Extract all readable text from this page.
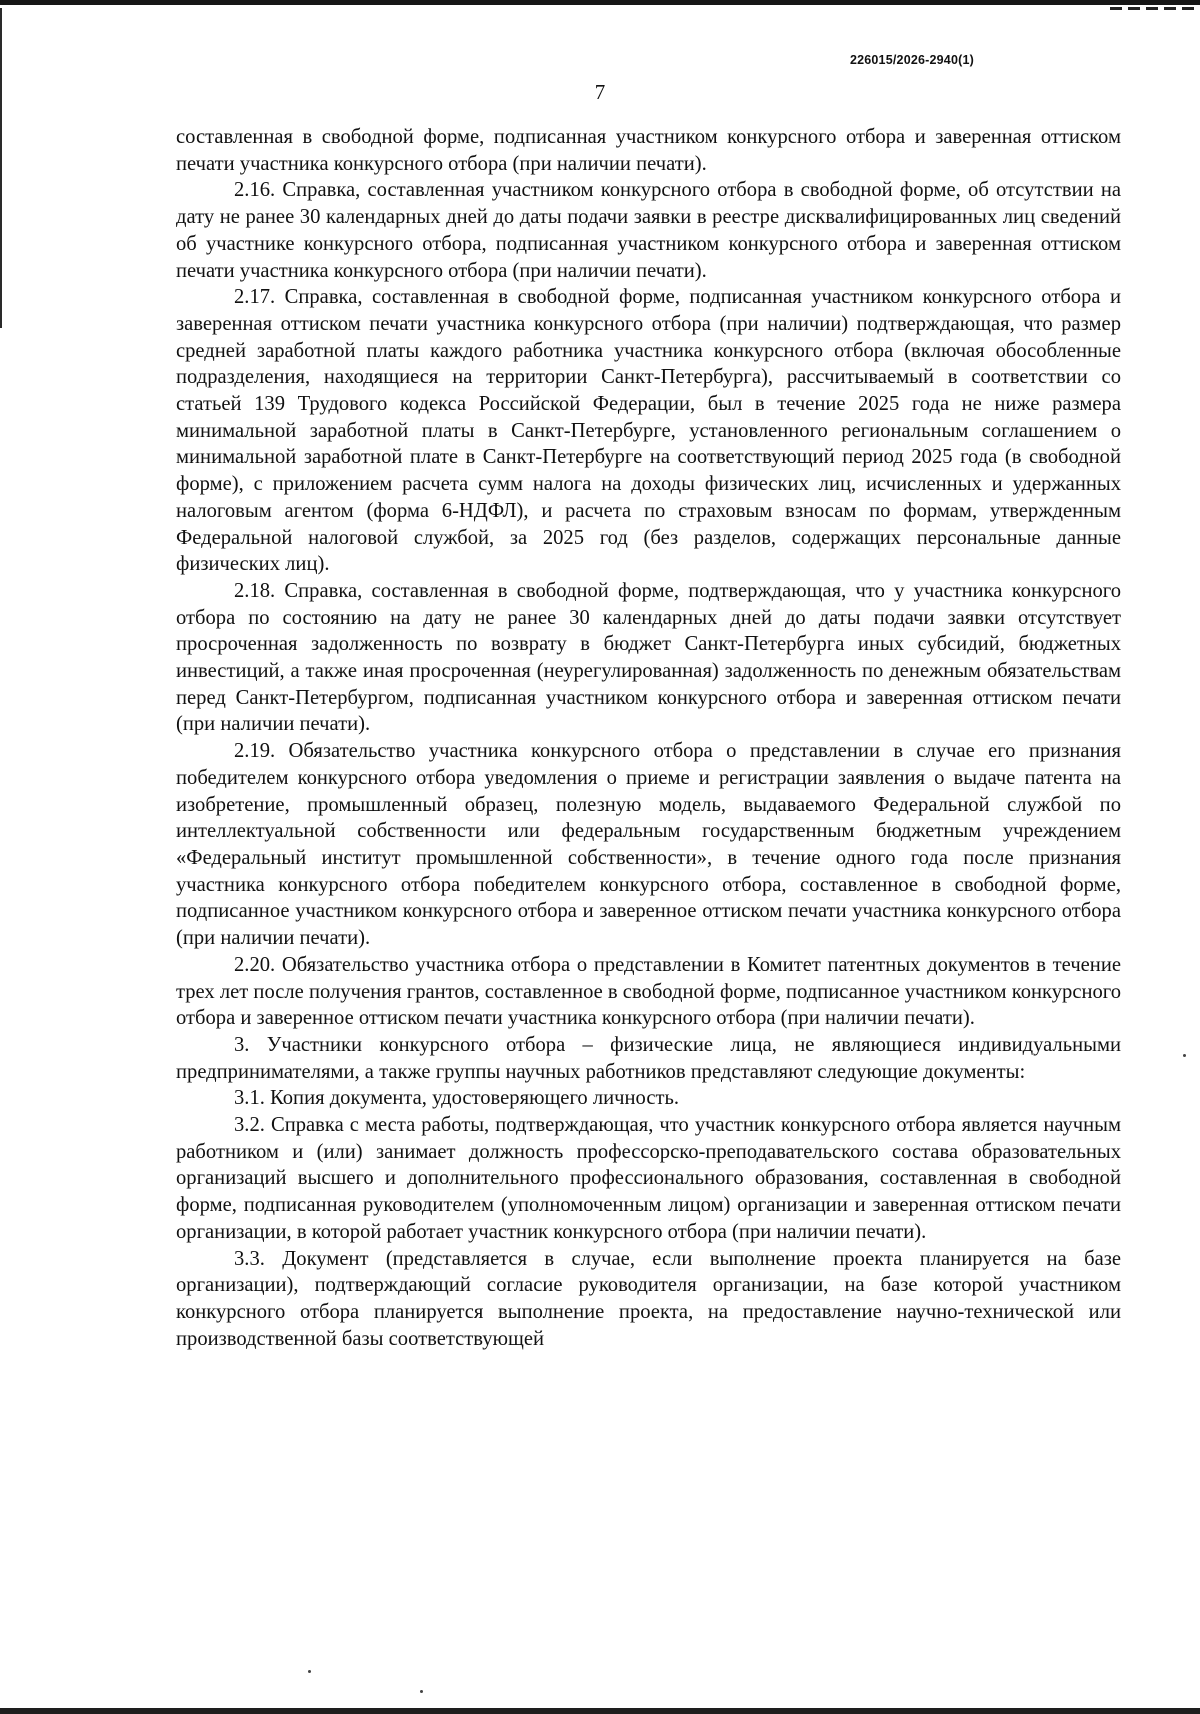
226015/2026-2940(1)
7

составленная в свободной форме, подписанная участником конкурсного отбора и заверенная оттиском печати участника конкурсного отбора (при наличии печати).

2.16. Справка, составленная участником конкурсного отбора в свободной форме, об отсутствии на дату не ранее 30 календарных дней до даты подачи заявки в реестре дисквалифицированных лиц сведений об участнике конкурсного отбора, подписанная участником конкурсного отбора и заверенная оттиском печати участника конкурсного отбора (при наличии печати).

2.17. Справка, составленная в свободной форме, подписанная участником конкурсного отбора и заверенная оттиском печати участника конкурсного отбора (при наличии) подтверждающая, что размер средней заработной платы каждого работника участника конкурсного отбора (включая обособленные подразделения, находящиеся на территории Санкт-Петербурга), рассчитываемый в соответствии со статьей 139 Трудового кодекса Российской Федерации, был в течение 2025 года не ниже размера минимальной заработной платы в Санкт-Петербурге, установленного региональным соглашением о минимальной заработной плате в Санкт-Петербурге на соответствующий период 2025 года (в свободной форме), с приложением расчета сумм налога на доходы физических лиц, исчисленных и удержанных налоговым агентом (форма 6-НДФЛ), и расчета по страховым взносам по формам, утвержденным Федеральной налоговой службой, за 2025 год (без разделов, содержащих персональные данные физических лиц).

2.18. Справка, составленная в свободной форме, подтверждающая, что у участника конкурсного отбора по состоянию на дату не ранее 30 календарных дней до даты подачи заявки отсутствует просроченная задолженность по возврату в бюджет Санкт-Петербурга иных субсидий, бюджетных инвестиций, а также иная просроченная (неурегулированная) задолженность по денежным обязательствам перед Санкт-Петербургом, подписанная участником конкурсного отбора и заверенная оттиском печати (при наличии печати).

2.19. Обязательство участника конкурсного отбора о представлении в случае его признания победителем конкурсного отбора уведомления о приеме и регистрации заявления о выдаче патента на изобретение, промышленный образец, полезную модель, выдаваемого Федеральной службой по интеллектуальной собственности или федеральным государственным бюджетным учреждением «Федеральный институт промышленной собственности», в течение одного года после признания участника конкурсного отбора победителем конкурсного отбора, составленное в свободной форме, подписанное участником конкурсного отбора и заверенное оттиском печати участника конкурсного отбора (при наличии печати).

2.20. Обязательство участника отбора о представлении в Комитет патентных документов в течение трех лет после получения грантов, составленное в свободной форме, подписанное участником конкурсного отбора и заверенное оттиском печати участника конкурсного отбора (при наличии печати).

3. Участники конкурсного отбора – физические лица, не являющиеся индивидуальными предпринимателями, а также группы научных работников представляют следующие документы:

3.1. Копия документа, удостоверяющего личность.

3.2. Справка с места работы, подтверждающая, что участник конкурсного отбора является научным работником и (или) занимает должность профессорско-преподавательского состава образовательных организаций высшего и дополнительного профессионального образования, составленная в свободной форме, подписанная руководителем (уполномоченным лицом) организации и заверенная оттиском печати организации, в которой работает участник конкурсного отбора (при наличии печати).

3.3. Документ (представляется в случае, если выполнение проекта планируется на базе организации), подтверждающий согласие руководителя организации, на базе которой участником конкурсного отбора планируется выполнение проекта, на предоставление научно-технической или производственной базы соответствующей
